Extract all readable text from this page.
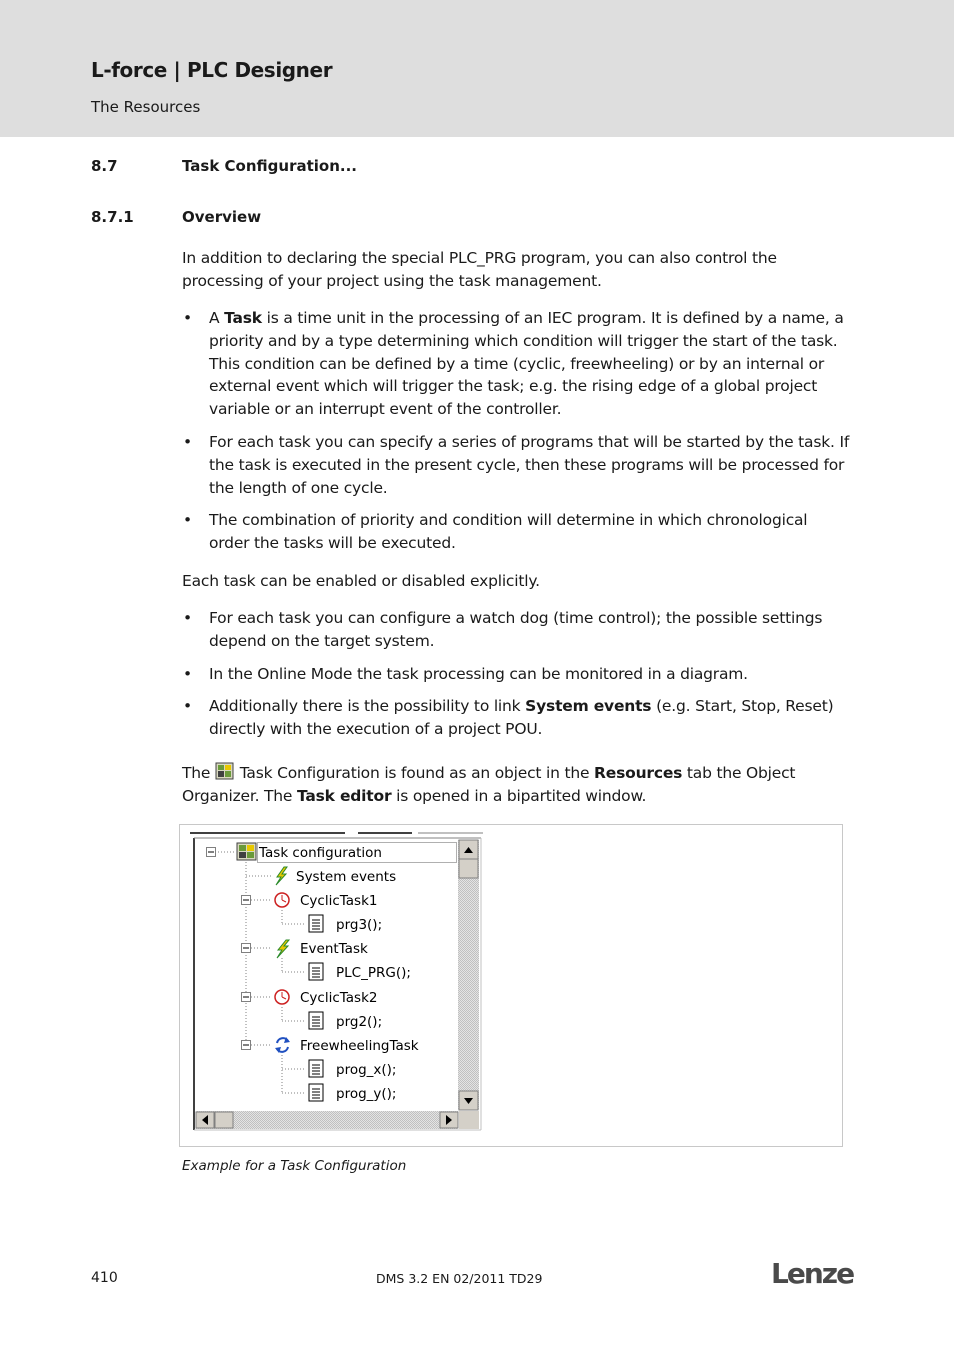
L-force | PLC Designer
The Resources
8.7	Task Configuration...
8.7.1	Overview
In addition to declaring the special PLC_PRG program, you can also control the processing of your project using the task management.
• A Task is a time unit in the processing of an IEC program. It is defined by a name, a priority and by a type determining which condition will trigger the start of the task. This condition can be defined by a time (cyclic, freewheeling) or by an internal or external event which will trigger the task; e.g. the rising edge of a global project variable or an interrupt event of the controller.
• For each task you can specify a series of programs that will be started by the task. If the task is executed in the present cycle, then these programs will be processed for the length of one cycle.
• The combination of priority and condition will determine in which chronological order the tasks will be executed.
Each task can be enabled or disabled explicitly.
• For each task you can configure a watch dog (time control); the possible settings depend on the target system.
• In the Online Mode the task processing can be monitored in a diagram.
• Additionally there is the possibility to link System events (e.g. Start, Stop, Reset) directly with the execution of a project POU.
The  Task Configuration is found as an object in the Resources tab the Object Organizer. The Task editor is opened in a bipartited window.
Task configuration
System events
CyclicTask1
prg3();
EventTask
PLC_PRG();
CyclicTask2
prg2();
FreewheelingTask
prog_x();
prog_y();
Example for a Task Configuration
410	DMS 3.2 EN 02/2011 TD29	Lenze
